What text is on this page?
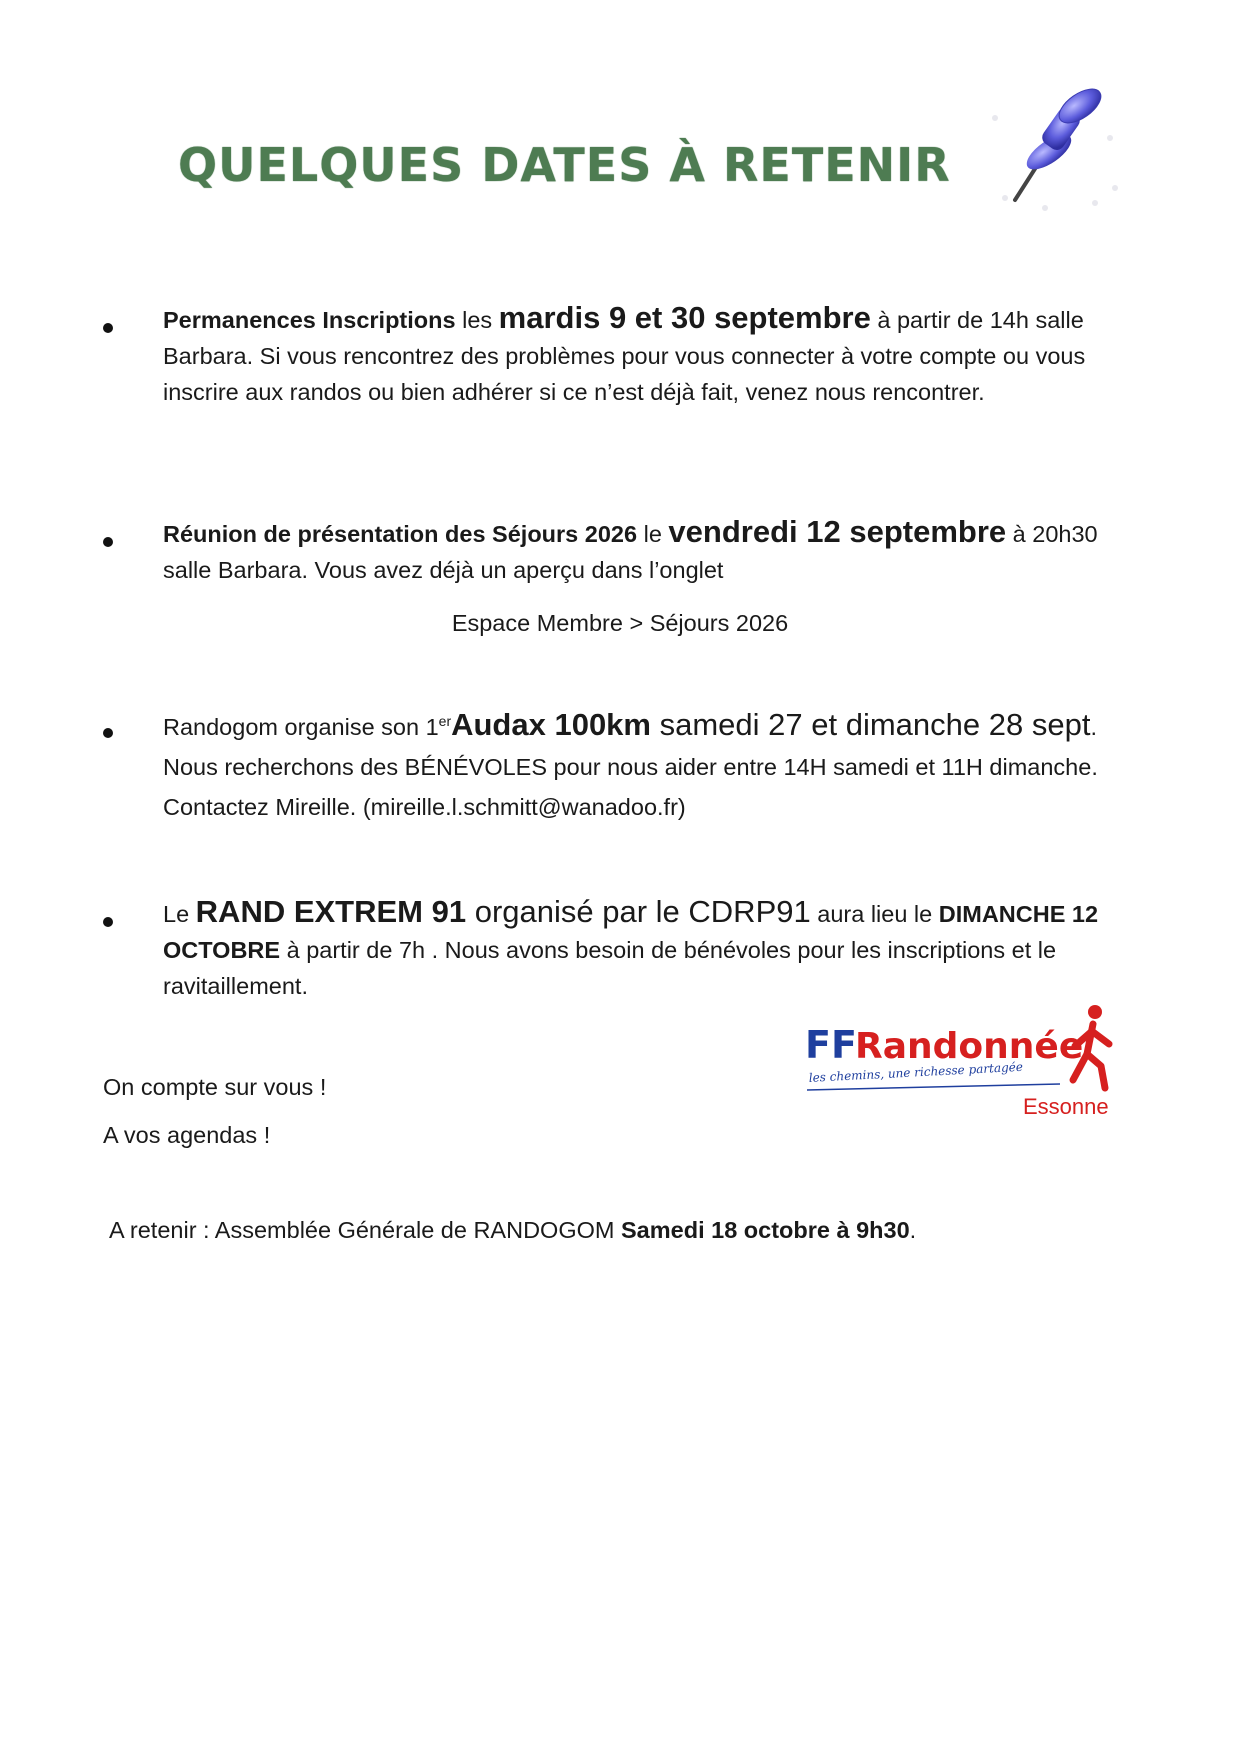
QUELQUES DATES À RETENIR
Permanences Inscriptions les mardis 9 et 30 septembre à partir de 14h salle Barbara. Si vous rencontrez des problèmes pour vous connecter à votre compte ou vous inscrire aux randos ou bien adhérer si ce n’est déjà fait, venez nous rencontrer.
Réunion de présentation des Séjours 2026 le vendredi 12 septembre à 20h30 salle Barbara. Vous avez déjà un aperçu dans l’onglet
Espace Membre > Séjours 2026
Randogom organise son 1erAudax 100km samedi 27 et dimanche 28 sept. Nous recherchons des BÉNÉVOLES pour nous aider entre 14H samedi et 11H dimanche. Contactez Mireille. (mireille.l.schmitt@wanadoo.fr)
Le RAND EXTREM 91 organisé par le CDRP91 aura lieu le DIMANCHE 12 OCTOBRE à partir de 7h . Nous avons besoin de bénévoles pour les inscriptions et le ravitaillement.
FF
Randonnée
les chemins, une richesse partagée
Essonne
On compte sur vous !
A vos agendas !
A retenir : Assemblée Générale de RANDOGOM Samedi 18 octobre à 9h30.
